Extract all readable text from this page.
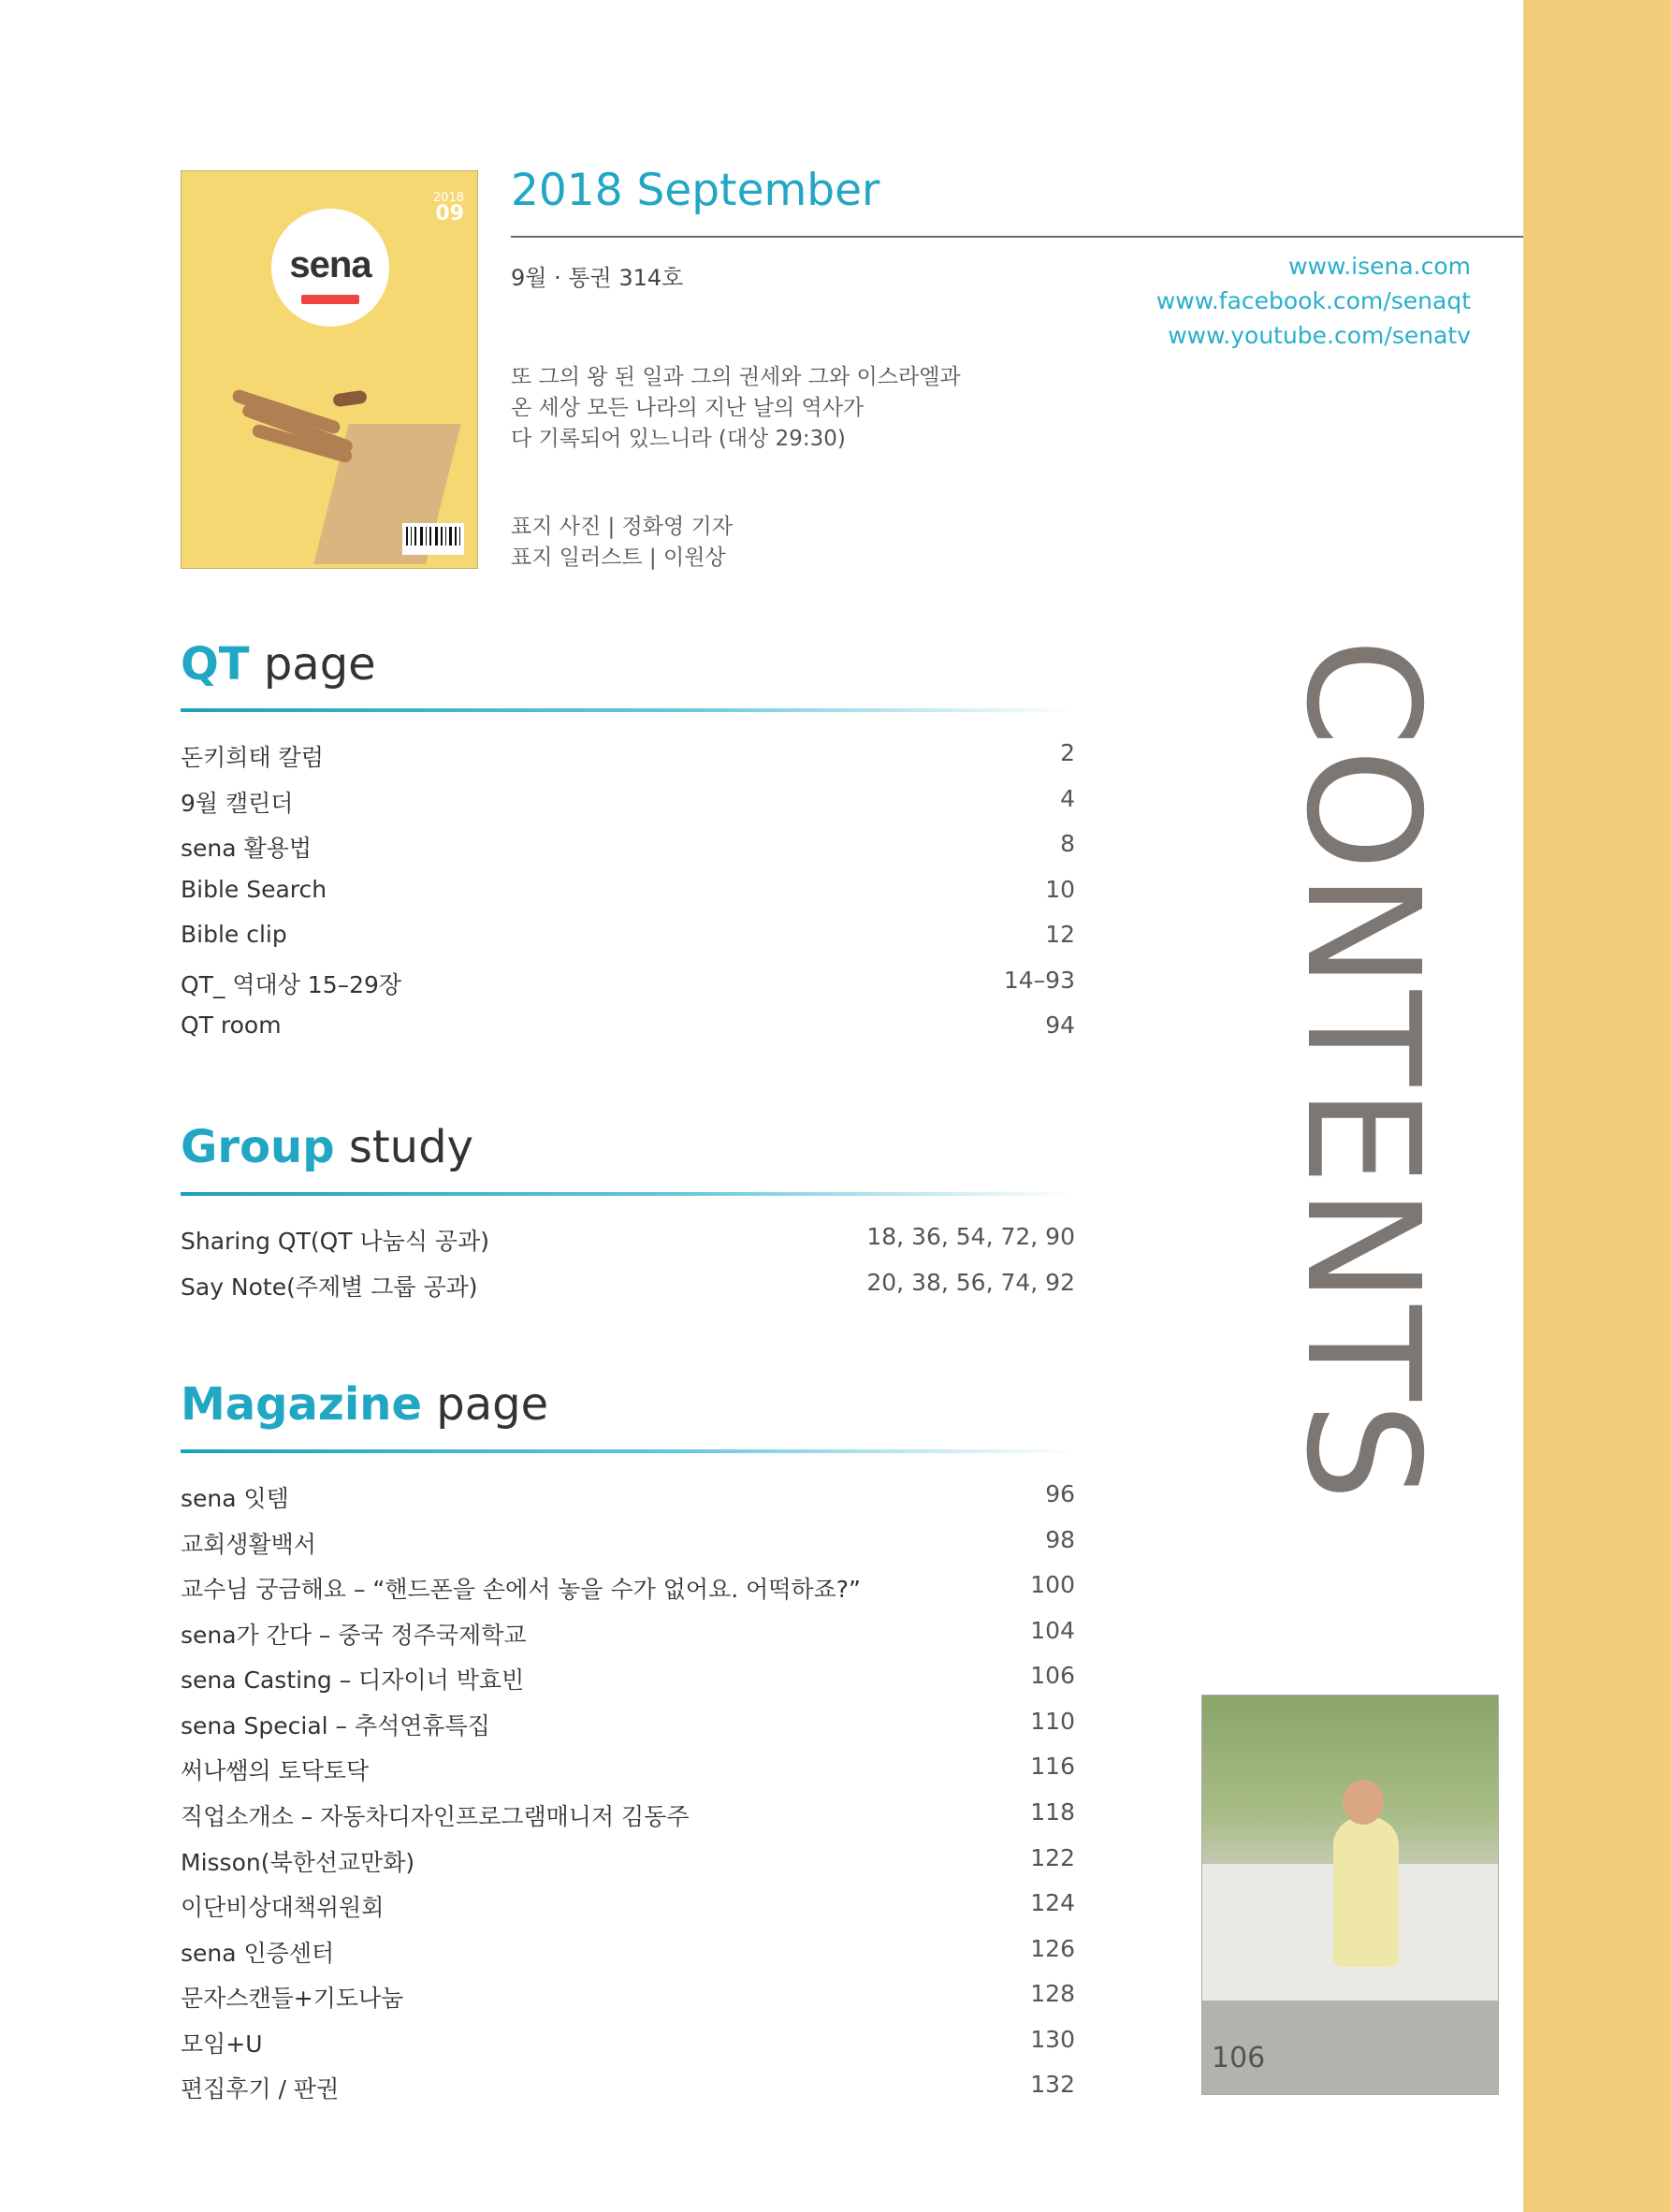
2018
09
sena
2018 September
9월 · 통권 314호	www.isena.com
www.facebook.com/senaqt
www.youtube.com/senatv
또 그의 왕 된 일과 그의 권세와 그와 이스라엘과
온 세상 모든 나라의 지난 날의 역사가
다 기록되어 있느니라 (대상 29:30)
표지 사진 | 정화영 기자
표지 일러스트 | 이원상
QT page
돈키희태 칼럼	2
9월 캘린더	4
sena 활용법	8
Bible Search	10
Bible clip	12
QT_ 역대상 15–29장	14–93
QT room	94
Group study
Sharing QT(QT 나눔식 공과)	18, 36, 54, 72, 90
Say Note(주제별 그룹 공과)	20, 38, 56, 74, 92
Magazine page
sena 잇템	96
교회생활백서	98
교수님 궁금해요 – “핸드폰을 손에서 놓을 수가 없어요. 어떡하죠?”	100
sena가 간다 – 중국 정주국제학교	104
sena Casting – 디자이너 박효빈	106
sena Special – 추석연휴특집	110
써나쌤의 토닥토닥	116
직업소개소 – 자동차디자인프로그램매니저 김동주	118
Misson(북한선교만화)	122
이단비상대책위원회	124
sena 인증센터	126
문자스캔들+기도나눔	128
모임+U	130
편집후기 / 판권	132
CONTENTS
106
